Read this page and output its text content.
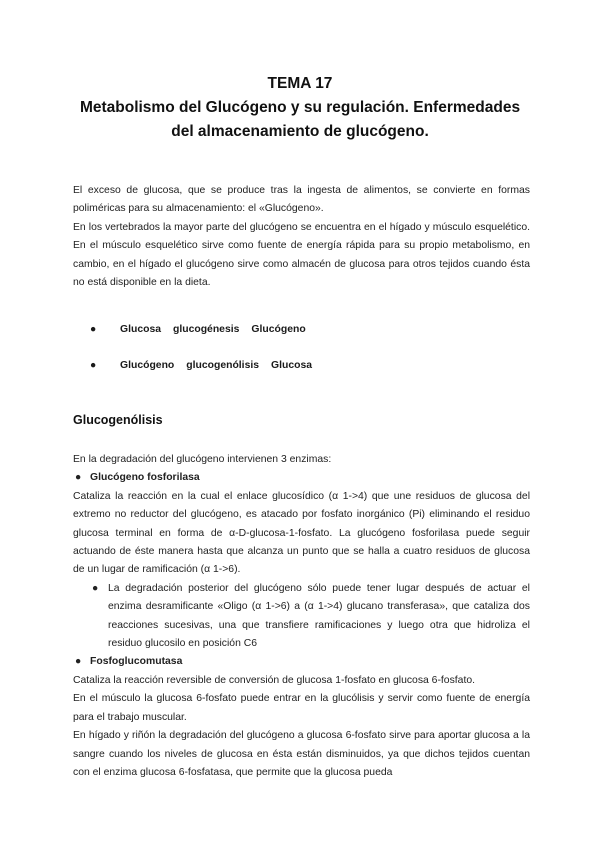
TEMA 17
Metabolismo del Glucógeno y su regulación. Enfermedades
del almacenamiento de glucógeno.

El exceso de glucosa, que se produce tras la ingesta de alimentos, se convierte en formas poliméricas para su almacenamiento: el «Glucógeno».

En los vertebrados la mayor parte del glucógeno se encuentra en el hígado y músculo esquelético. En el músculo esquelético sirve como fuente de energía rápida para su propio metabolismo, en cambio, en el hígado el glucógeno sirve como almacén de glucosa para otros tejidos cuando ésta no está disponible en la dieta.

● Glucosa glucogénesis Glucógeno
● Glucógeno glucogenólisis Glucosa
Glucogenólisis

En la degradación del glucógeno intervienen 3 enzimas:

● Glucógeno fosforilasa

Cataliza la reacción en la cual el enlace glucosídico (α 1->4) que une residuos de glucosa del extremo no reductor del glucógeno, es atacado por fosfato inorgánico (Pi) eliminando el residuo glucosa terminal en forma de α-D-glucosa-1-fosfato. La glucógeno fosforilasa puede seguir actuando de éste manera hasta que alcanza un punto que se halla a cuatro residuos de glucosa de un lugar de ramificación (α 1->6).

● La degradación posterior del glucógeno sólo puede tener lugar después de actuar el enzima desramificante «Oligo (α 1->6) a (α 1->4) glucano transferasa», que cataliza dos reacciones sucesivas, una que transfiere ramificaciones y luego otra que hidroliza el residuo glucosilo en posición C6

● Fosfoglucomutasa

Cataliza la reacción reversible de conversión de glucosa 1-fosfato en glucosa 6-fosfato.

En el músculo la glucosa 6-fosfato puede entrar en la glucólisis y servir como fuente de energía para el trabajo muscular.

En hígado y riñón la degradación del glucógeno a glucosa 6-fosfato sirve para aportar glucosa a la sangre cuando los niveles de glucosa en ésta están disminuidos, ya que dichos tejidos cuentan con el enzima glucosa 6-fosfatasa, que permite que la glucosa pueda
